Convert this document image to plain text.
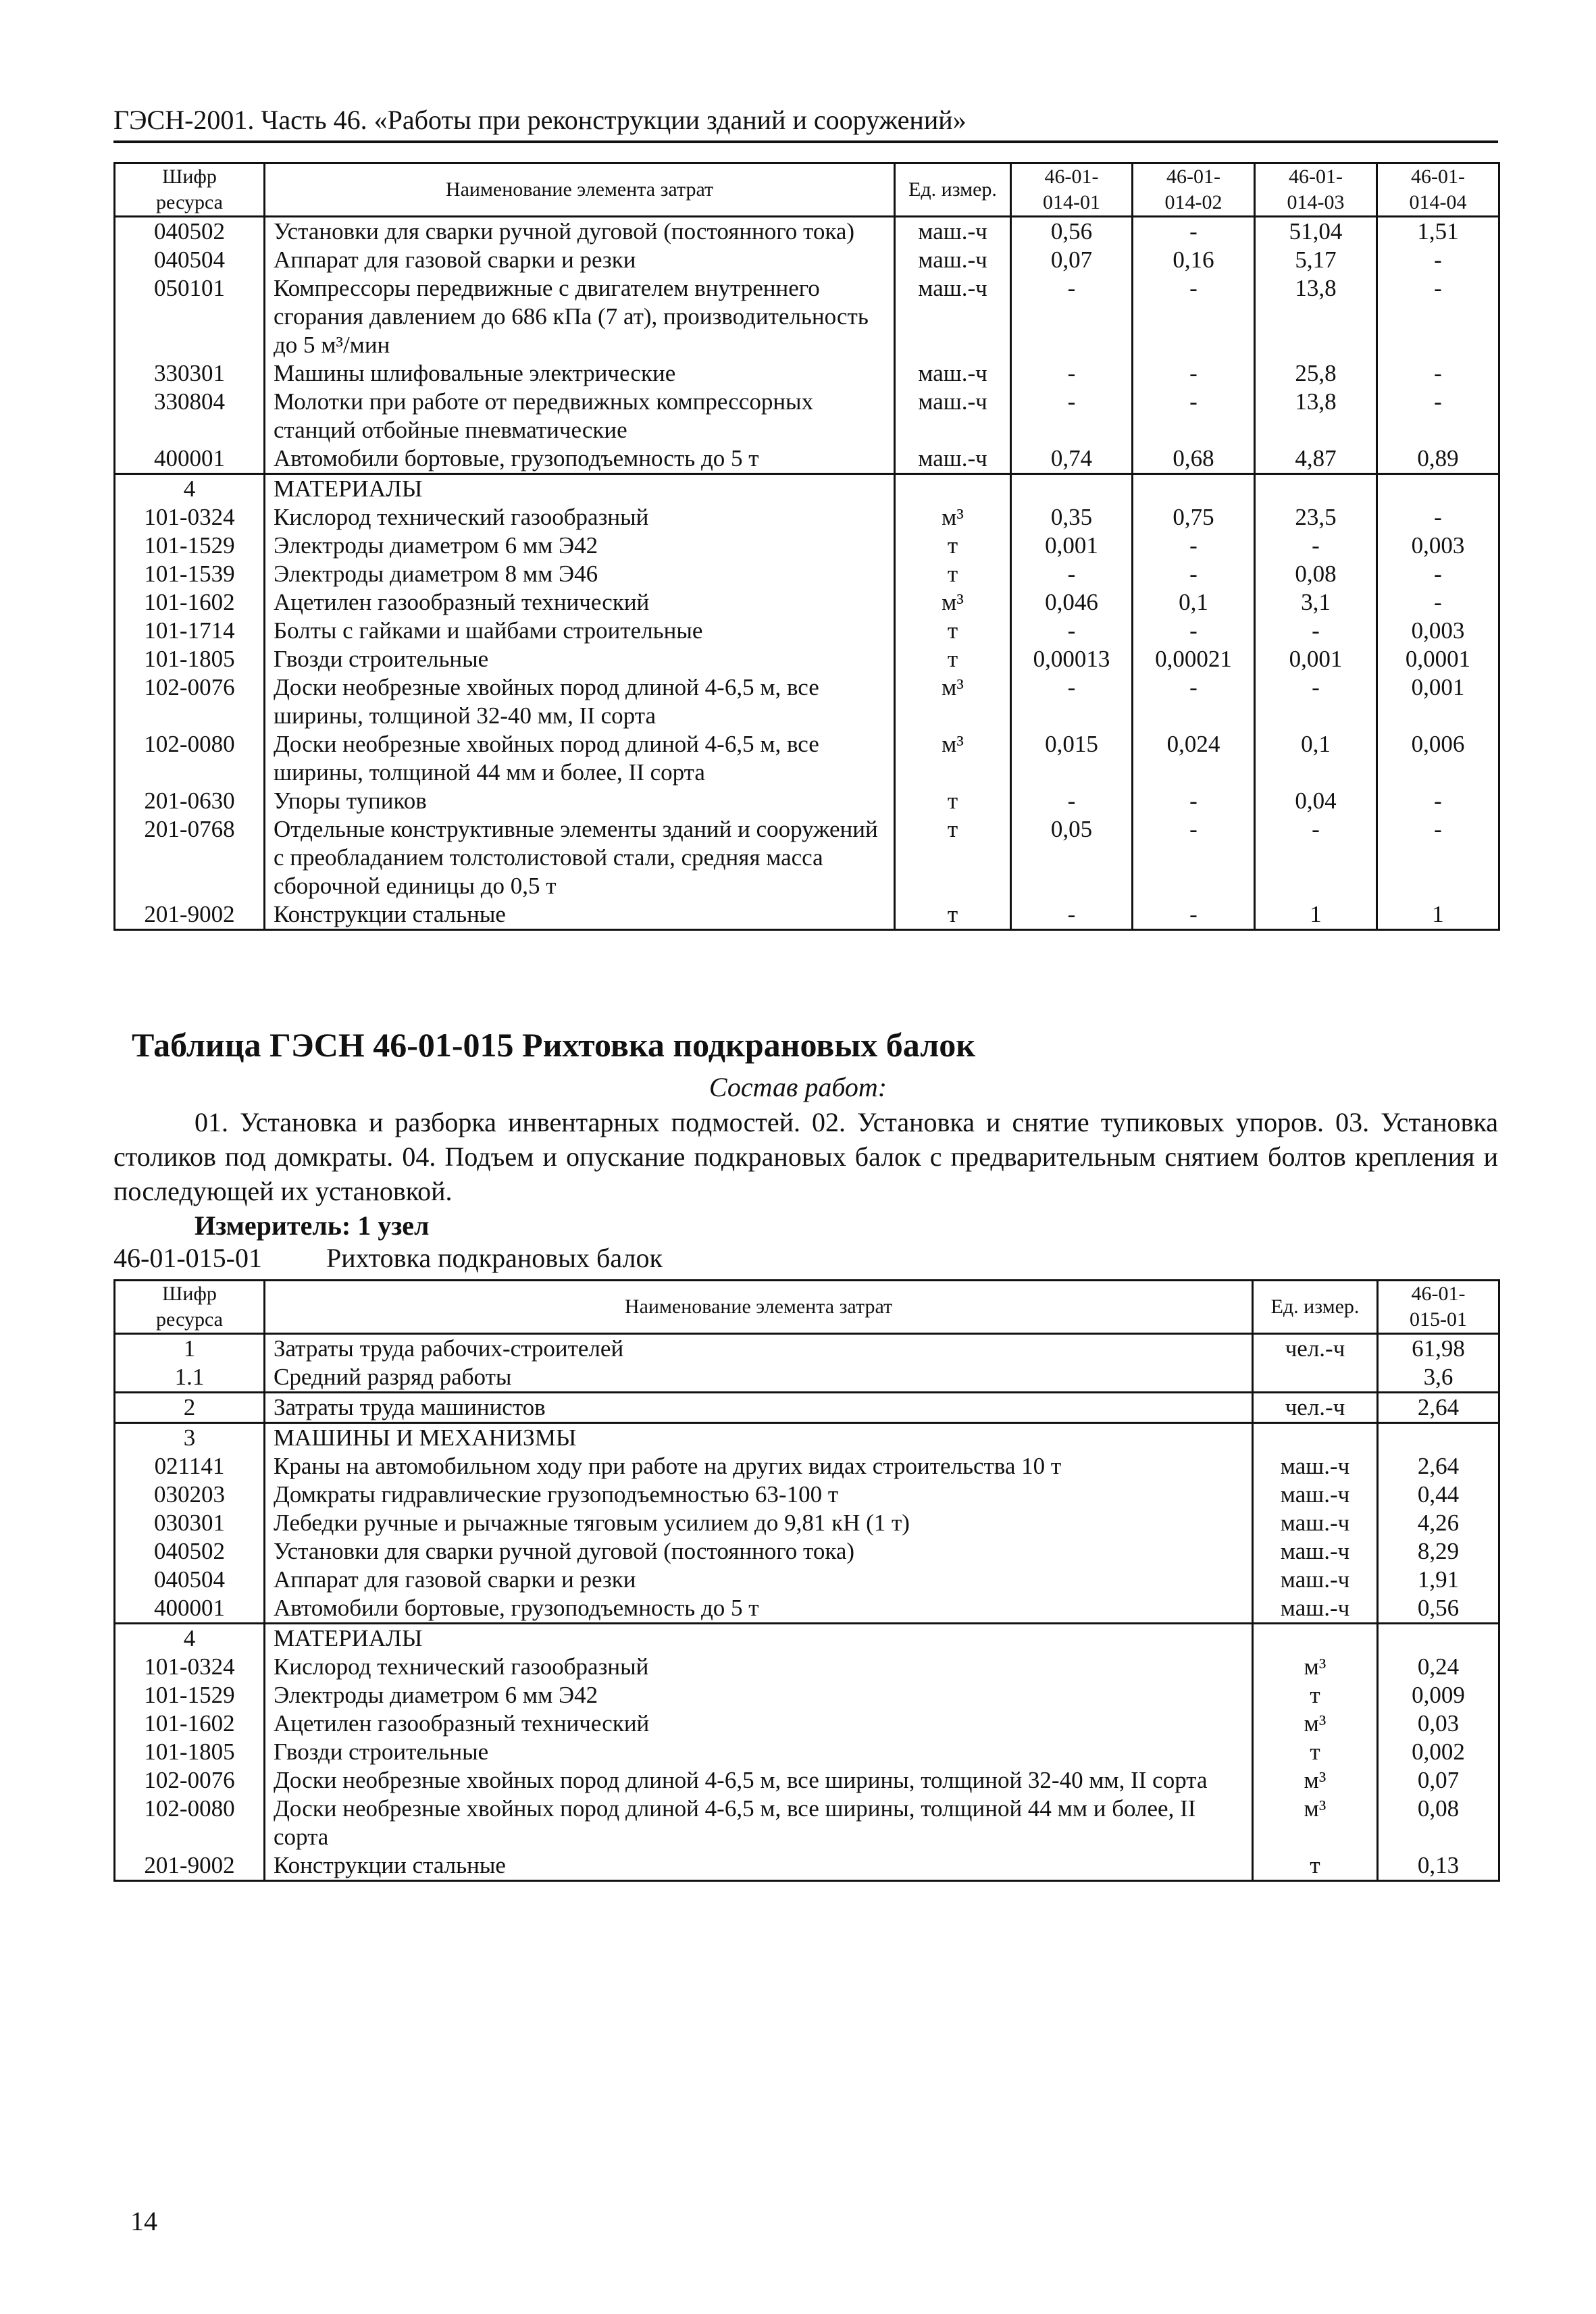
ГЭСН-2001. Часть 46. «Работы при реконструкции зданий и сооружений»
Шифр
ресурса	Наименование элемента затрат	Ед. измер.	46-01-
014-01	46-01-
014-02	46-01-
014-03	46-01-
014-04
040502	Установки для сварки ручной дуговой (постоянного тока)	маш.-ч	0,56	-	51,04	1,51
040504	Аппарат для газовой сварки и резки	маш.-ч	0,07	0,16	5,17	-
050101	Компрессоры передвижные с двигателем внутреннего сгорания давлением до 686 кПа (7 ат), производительность до 5 м³/мин	маш.-ч	-	-	13,8	-
330301	Машины шлифовальные электрические	маш.-ч	-	-	25,8	-
330804	Молотки при работе от передвижных компрессорных станций отбойные пневматические	маш.-ч	-	-	13,8	-
400001	Автомобили бортовые, грузоподъемность до 5 т	маш.-ч	0,74	0,68	4,87	0,89
4	МАТЕРИАЛЫ					
101-0324	Кислород технический газообразный	м³	0,35	0,75	23,5	-
101-1529	Электроды диаметром 6 мм Э42	т	0,001	-	-	0,003
101-1539	Электроды диаметром 8 мм Э46	т	-	-	0,08	-
101-1602	Ацетилен газообразный технический	м³	0,046	0,1	3,1	-
101-1714	Болты с гайками и шайбами строительные	т	-	-	-	0,003
101-1805	Гвозди строительные	т	0,00013	0,00021	0,001	0,0001
102-0076	Доски необрезные хвойных пород длиной 4-6,5 м, все ширины, толщиной 32-40 мм, II сорта	м³	-	-	-	0,001
102-0080	Доски необрезные хвойных пород длиной 4-6,5 м, все ширины, толщиной 44 мм и более, II сорта	м³	0,015	0,024	0,1	0,006
201-0630	Упоры тупиков	т	-	-	0,04	-
201-0768	Отдельные конструктивные элементы зданий и сооружений с преобладанием толстолистовой стали, средняя масса сборочной единицы до 0,5 т	т	0,05	-	-	-
201-9002	Конструкции стальные	т	-	-	1	1
Таблица ГЭСН 46-01-015 Рихтовка подкрановых балок
Состав работ:
01. Установка и разборка инвентарных подмостей. 02. Установка и снятие тупиковых упоров. 03. Установка столиков под домкраты. 04. Подъем и опускание подкрановых балок с предварительным снятием болтов крепления и последующей их установкой.
Измеритель: 1 узел
46-01-015-01 Рихтовка подкрановых балок
Шифр
ресурса	Наименование элемента затрат	Ед. измер.	46-01-
015-01
1	Затраты труда рабочих-строителей	чел.-ч	61,98
1.1	Средний разряд работы		3,6
2	Затраты труда машинистов	чел.-ч	2,64
3	МАШИНЫ И МЕХАНИЗМЫ		
021141	Краны на автомобильном ходу при работе на других видах строительства 10 т	маш.-ч	2,64
030203	Домкраты гидравлические грузоподъемностью 63-100 т	маш.-ч	0,44
030301	Лебедки ручные и рычажные тяговым усилием до 9,81 кН (1 т)	маш.-ч	4,26
040502	Установки для сварки ручной дуговой (постоянного тока)	маш.-ч	8,29
040504	Аппарат для газовой сварки и резки	маш.-ч	1,91
400001	Автомобили бортовые, грузоподъемность до 5 т	маш.-ч	0,56
4	МАТЕРИАЛЫ		
101-0324	Кислород технический газообразный	м³	0,24
101-1529	Электроды диаметром 6 мм Э42	т	0,009
101-1602	Ацетилен газообразный технический	м³	0,03
101-1805	Гвозди строительные	т	0,002
102-0076	Доски необрезные хвойных пород длиной 4-6,5 м, все ширины, толщиной 32-40 мм, II сорта	м³	0,07
102-0080	Доски необрезные хвойных пород длиной 4-6,5 м, все ширины, толщиной 44 мм и более, II сорта	м³	0,08
201-9002	Конструкции стальные	т	0,13
14
